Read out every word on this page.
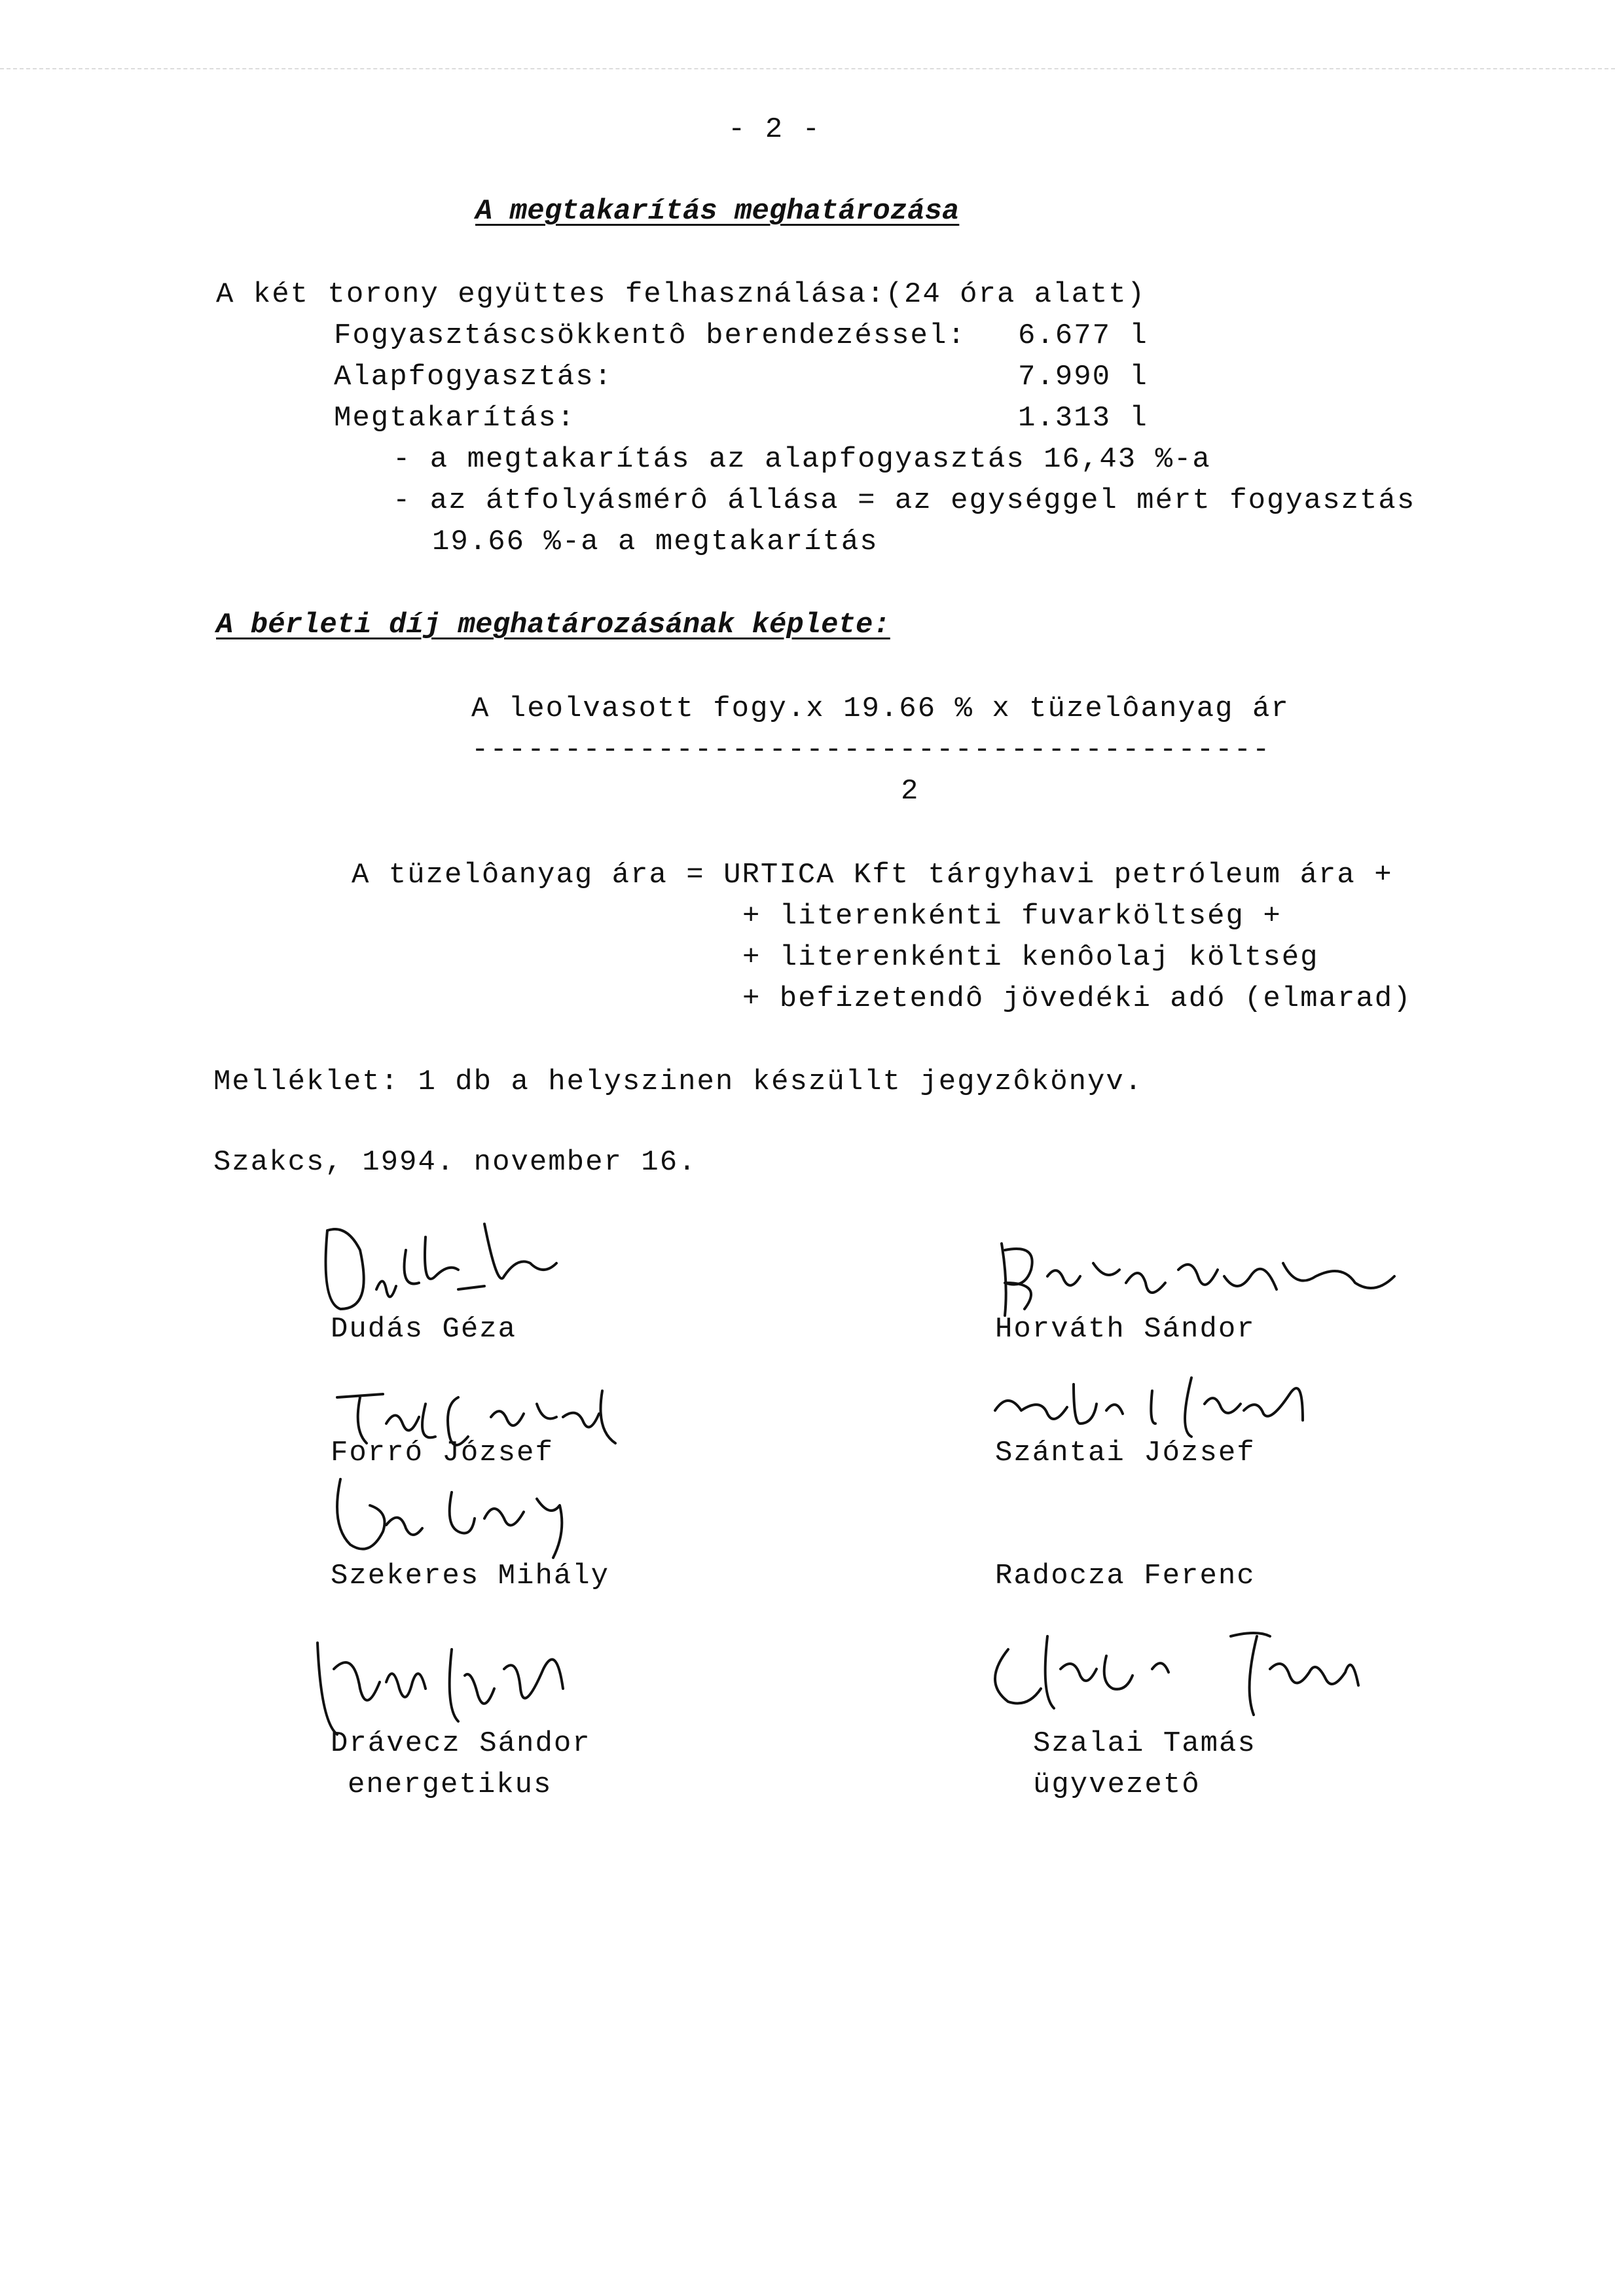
- 2 -
A megtakarítás meghatározása
A két torony együttes felhasználása:(24 óra alatt)
Fogyasztáscsökkentô berendezéssel: 6.677 l
Alapfogyasztás:	7.990 l
Megtakarítás:	1.313 l
- a megtakarítás az alapfogyasztás 16,43 %-a
- az átfolyásmérô állása = az egységgel mért fogyasztás
19.66 %-a a megtakarítás
A bérleti díj meghatározásának képlete:
A leolvasott fogy.x 19.66 % x tüzelôanyag ár
-------------------------------------------
2
A tüzelôanyag ára = URTICA Kft tárgyhavi petróleum ára +
+ literenkénti fuvarköltség +
+ literenkénti kenôolaj költség
+ befizetendô jövedéki adó (elmarad)
Melléklet: 1 db a helyszinen készüllt jegyzôkönyv.
Szakcs, 1994. november 16.
Dudás Géza
Forró József
Szekeres Mihály
Drávecz Sándor
energetikus
Horváth Sándor
Szántai József
Radocza Ferenc
Szalai Tamás
ügyvezetô
